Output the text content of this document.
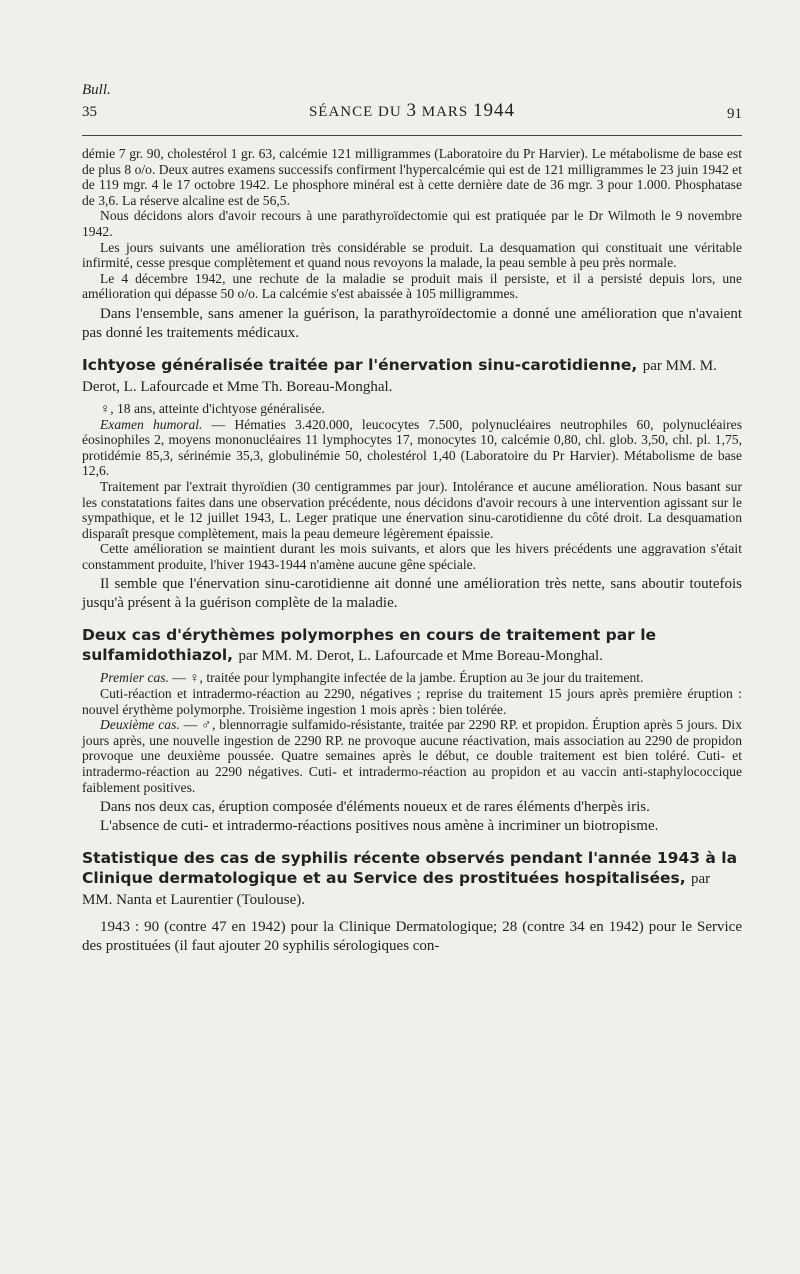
Bull.
35	SÉANCE DU 3 MARS 1944	91

démie 7 gr. 90, cholestérol 1 gr. 63, calcémie 121 milligrammes (Laboratoire du Pr Harvier). Le métabolisme de base est de plus 8 o/o. Deux autres examens successifs confirment l'hypercalcémie qui est de 121 milligrammes le 23 juin 1942 et de 119 mgr. 4 le 17 octobre 1942. Le phosphore minéral est à cette dernière date de 36 mgr. 3 pour 1.000. Phosphatase de 3,6. La réserve alcaline est de 56,5.

Nous décidons alors d'avoir recours à une parathyroïdectomie qui est pratiquée par le Dr Wilmoth le 9 novembre 1942.

Les jours suivants une amélioration très considérable se produit. La desquamation qui constituait une véritable infirmité, cesse presque complètement et quand nous revoyons la malade, la peau semble à peu près normale.

Le 4 décembre 1942, une rechute de la maladie se produit mais il persiste, et il a persisté depuis lors, une amélioration qui dépasse 50 o/o. La calcémie s'est abaissée à 105 milligrammes.

Dans l'ensemble, sans amener la guérison, la parathyroïdectomie a donné une amélioration que n'avaient pas donné les traitements médicaux.

Ichtyose généralisée traitée par l'énervation sinu-carotidienne, par MM. M. Derot, L. Lafourcade et Mme Th. Boreau-Monghal.

♀, 18 ans, atteinte d'ichtyose généralisée.

Examen humoral. — Hématies 3.420.000, leucocytes 7.500, polynucléaires neutrophiles 60, polynucléaires éosinophiles 2, moyens mononucléaires 11 lymphocytes 17, monocytes 10, calcémie 0,80, chl. glob. 3,50, chl. pl. 1,75, protidémie 85,3, sérinémie 35,3, globulinémie 50, cholestérol 1,40 (Laboratoire du Pr Harvier). Métabolisme de base 12,6.

Traitement par l'extrait thyroïdien (30 centigrammes par jour). Intolérance et aucune amélioration. Nous basant sur les constatations faites dans une observation précédente, nous décidons d'avoir recours à une intervention agissant sur le sympathique, et le 12 juillet 1943, L. Leger pratique une énervation sinu-carotidienne du côté droit. La desquamation disparaît presque complètement, mais la peau demeure légèrement épaissie.

Cette amélioration se maintient durant les mois suivants, et alors que les hivers précédents une aggravation s'était constamment produite, l'hiver 1943-1944 n'amène aucune gêne spéciale.

Il semble que l'énervation sinu-carotidienne ait donné une amélioration très nette, sans aboutir toutefois jusqu'à présent à la guérison complète de la maladie.

Deux cas d'érythèmes polymorphes en cours de traitement par le sulfamidothiazol, par MM. M. Derot, L. Lafourcade et Mme Boreau-Monghal.

Premier cas. — ♀, traitée pour lymphangite infectée de la jambe. Éruption au 3e jour du traitement.

Cuti-réaction et intradermo-réaction au 2290, négatives ; reprise du traitement 15 jours après première éruption : nouvel érythème polymorphe. Troisième ingestion 1 mois après : bien tolérée.

Deuxième cas. — ♂, blennorragie sulfamido-résistante, traitée par 2290 RP. et propidon. Éruption après 5 jours. Dix jours après, une nouvelle ingestion de 2290 RP. ne provoque aucune réactivation, mais association au 2290 de propidon provoque une deuxième poussée. Quatre semaines après le début, ce double traitement est bien toléré. Cuti- et intradermo-réaction au 2290 négatives. Cuti- et intradermo-réaction au propidon et au vaccin anti-staphylococcique faiblement positives.

Dans nos deux cas, éruption composée d'éléments noueux et de rares éléments d'herpès iris.

L'absence de cuti- et intradermo-réactions positives nous amène à incriminer un biotropisme.

Statistique des cas de syphilis récente observés pendant l'année 1943 à la Clinique dermatologique et au Service des prostituées hospitalisées, par MM. Nanta et Laurentier (Toulouse).

1943 : 90 (contre 47 en 1942) pour la Clinique Dermatologique; 28 (contre 34 en 1942) pour le Service des prostituées (il faut ajouter 20 syphilis sérologiques con-
